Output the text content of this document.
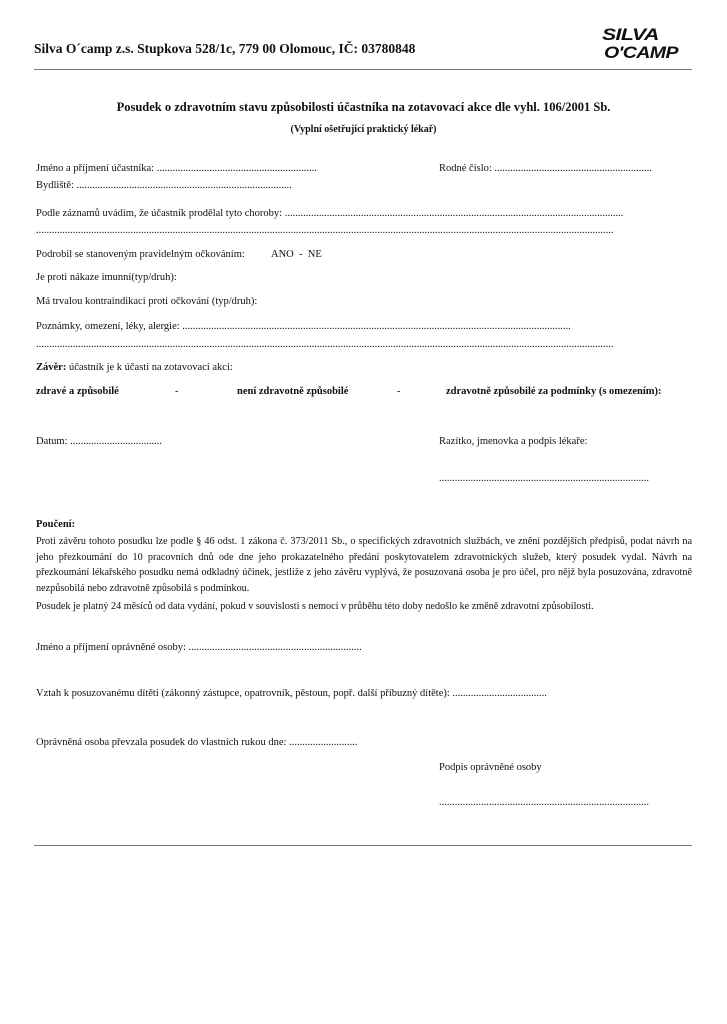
Silva O´camp z.s. Stupkova 528/1c, 779 00 Olomouc, IČ: 03780848
SILVA
O'CAMP
Posudek o zdravotním stavu způsobilosti účastníka na zotavovací akce dle vyhl. 106/2001 Sb.
(Vyplní ošetřující praktický lékař)
Jméno a příjmení účastníka: .............................................................	Rodné číslo: ............................................................
Bydliště: ..................................................................................
Podle záznamů uvádím, že účastník prodělal tyto choroby: .................................................................................................................................
............................................................................................................................................................................................................................
Podrobil se stanoveným pravidelným očkováním: ANO  -  NE
Je proti nákaze imunní(typ/druh):
Má trvalou kontraindikaci proti očkování (typ/druh):
Poznámky, omezení, léky, alergie: ....................................................................................................................................................
............................................................................................................................................................................................................................
Závěr: účastník je k účasti na zotavovací akci:
zdravé a způsobilé	-	není zdravotně způsobilé	-	zdravotně způsobilé za podmínky (s omezením):
Datum: ...................................	Razítko, jmenovka a podpis lékaře:
................................................................................
Poučení:
Proti závěru tohoto posudku lze podle § 46 odst. 1 zákona č. 373/2011 Sb., o specifických zdravotních službách, ve znění pozdějších předpisů, podat návrh na jeho přezkoumání do 10 pracovních dnů ode dne jeho prokazatelného předání poskytovatelem zdravotnických služeb, který posudek vydal. Návrh na přezkoumání lékařského posudku nemá odkladný účinek, jestliže z jeho závěru vyplývá, že posuzovaná osoba je pro účel, pro nějž byla posuzována, zdravotně nezpůsobilá nebo zdravotně způsobilá s podmínkou.
Posudek je platný 24 měsíců od data vydání, pokud v souvislosti s nemocí v průběhu této doby nedošlo ke změně zdravotní způsobilosti.
Jméno a příjmení oprávněné osoby: ..................................................................
Vztah k posuzovanému dítěti (zákonný zástupce, opatrovník, pěstoun, popř. další příbuzný dítěte): ....................................
Oprávněná osoba převzala posudek do vlastních rukou dne: ..........................
Podpis oprávněné osoby
................................................................................
